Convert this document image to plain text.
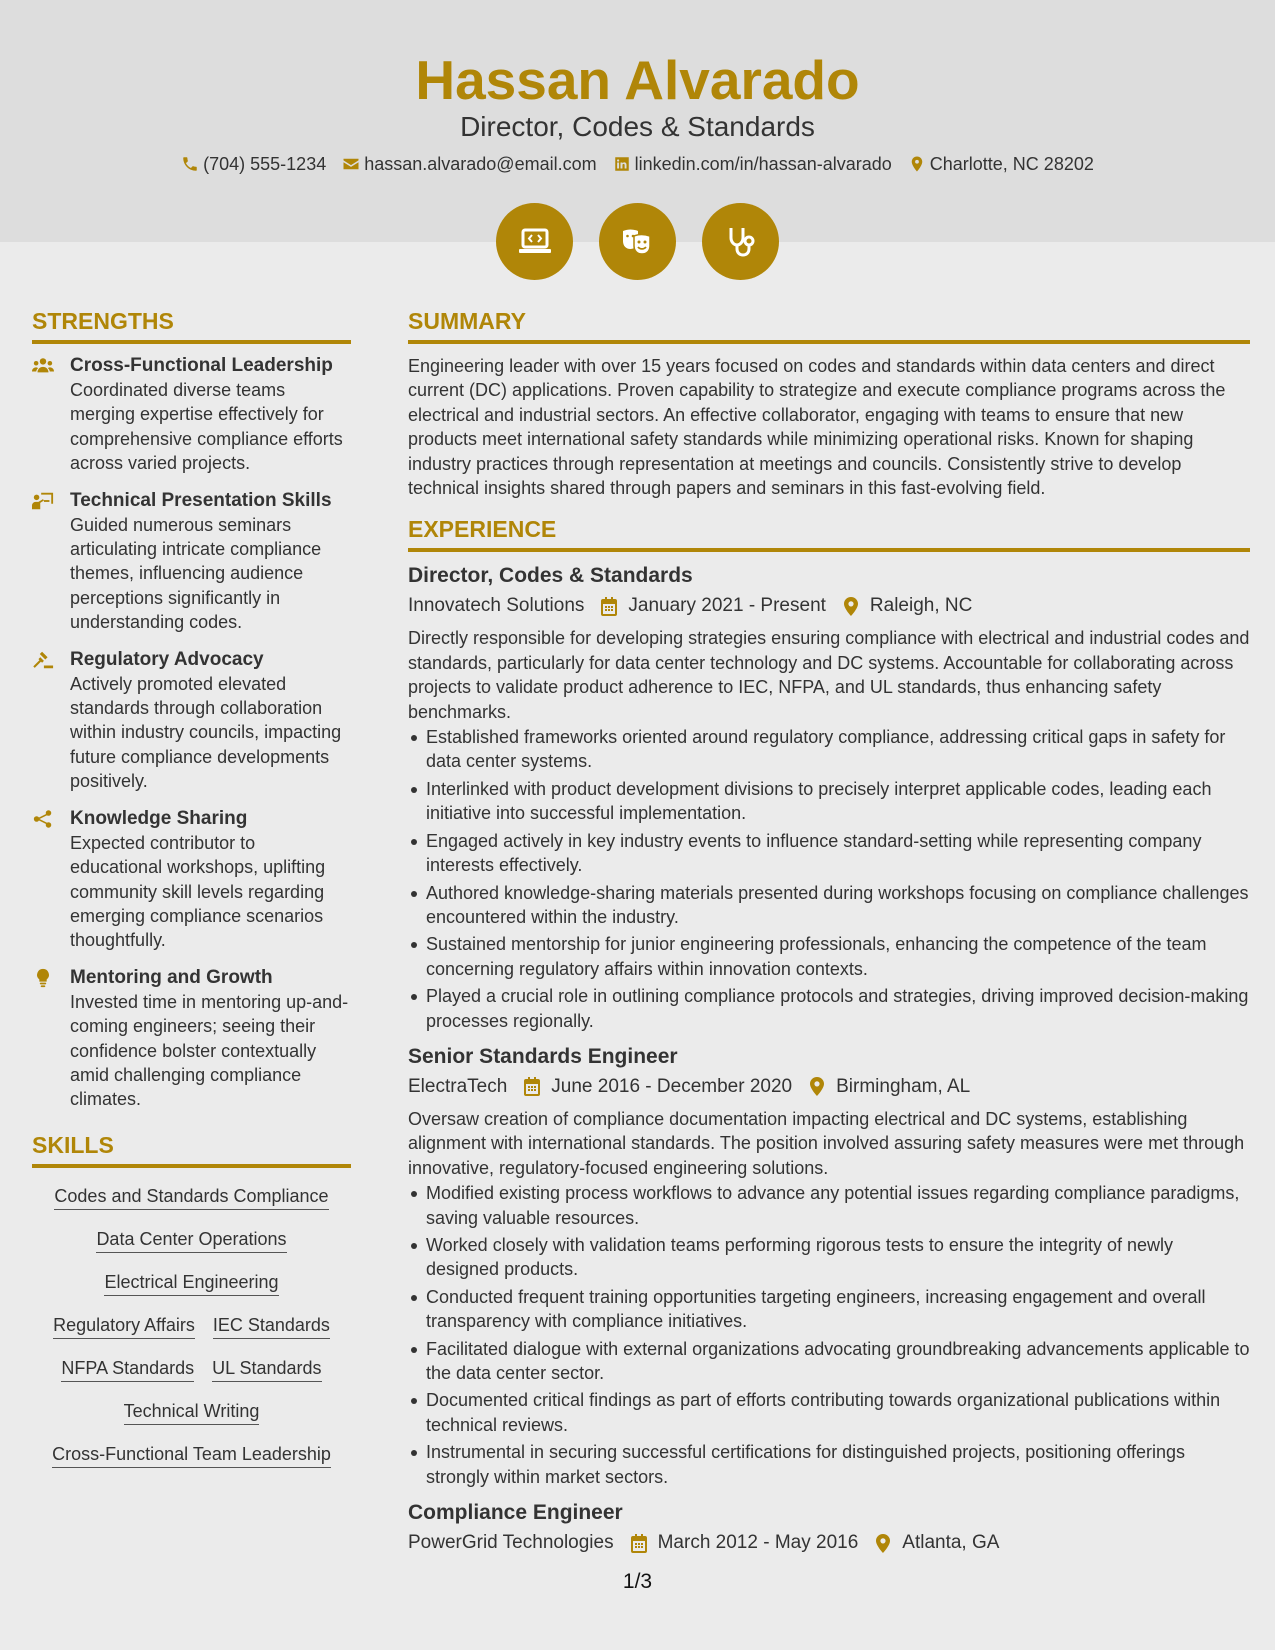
Hassan Alvarado
Director, Codes & Standards
(704) 555-1234 hassan.alvarado@email.com linkedin.com/in/hassan-alvarado Charlotte, NC 28202
STRENGTHS
Cross-Functional Leadership
Coordinated diverse teams merging expertise effectively for comprehensive compliance efforts across varied projects.
Technical Presentation Skills
Guided numerous seminars articulating intricate compliance themes, influencing audience perceptions significantly in understanding codes.
Regulatory Advocacy
Actively promoted elevated standards through collaboration within industry councils, impacting future compliance developments positively.
Knowledge Sharing
Expected contributor to educational workshops, uplifting community skill levels regarding emerging compliance scenarios thoughtfully.
Mentoring and Growth
Invested time in mentoring up-and-coming engineers; seeing their confidence bolster contextually amid challenging compliance climates.
SKILLS
Codes and Standards Compliance
Data Center Operations
Electrical Engineering
Regulatory Affairs IEC Standards
NFPA Standards UL Standards
Technical Writing
Cross-Functional Team Leadership
SUMMARY
Engineering leader with over 15 years focused on codes and standards within data centers and direct current (DC) applications. Proven capability to strategize and execute compliance programs across the electrical and industrial sectors. An effective collaborator, engaging with teams to ensure that new products meet international safety standards while minimizing operational risks. Known for shaping industry practices through representation at meetings and councils. Consistently strive to develop technical insights shared through papers and seminars in this fast-evolving field.
EXPERIENCE
Director, Codes & Standards
Innovatech Solutions January 2021 - Present Raleigh, NC
Directly responsible for developing strategies ensuring compliance with electrical and industrial codes and standards, particularly for data center technology and DC systems. Accountable for collaborating across projects to validate product adherence to IEC, NFPA, and UL standards, thus enhancing safety benchmarks.
Established frameworks oriented around regulatory compliance, addressing critical gaps in safety for data center systems.
Interlinked with product development divisions to precisely interpret applicable codes, leading each initiative into successful implementation.
Engaged actively in key industry events to influence standard-setting while representing company interests effectively.
Authored knowledge-sharing materials presented during workshops focusing on compliance challenges encountered within the industry.
Sustained mentorship for junior engineering professionals, enhancing the competence of the team concerning regulatory affairs within innovation contexts.
Played a crucial role in outlining compliance protocols and strategies, driving improved decision-making processes regionally.
Senior Standards Engineer
ElectraTech June 2016 - December 2020 Birmingham, AL
Oversaw creation of compliance documentation impacting electrical and DC systems, establishing alignment with international standards. The position involved assuring safety measures were met through innovative, regulatory-focused engineering solutions.
Modified existing process workflows to advance any potential issues regarding compliance paradigms, saving valuable resources.
Worked closely with validation teams performing rigorous tests to ensure the integrity of newly designed products.
Conducted frequent training opportunities targeting engineers, increasing engagement and overall transparency with compliance initiatives.
Facilitated dialogue with external organizations advocating groundbreaking advancements applicable to the data center sector.
Documented critical findings as part of efforts contributing towards organizational publications within technical reviews.
Instrumental in securing successful certifications for distinguished projects, positioning offerings strongly within market sectors.
Compliance Engineer
PowerGrid Technologies March 2012 - May 2016 Atlanta, GA
1/3
